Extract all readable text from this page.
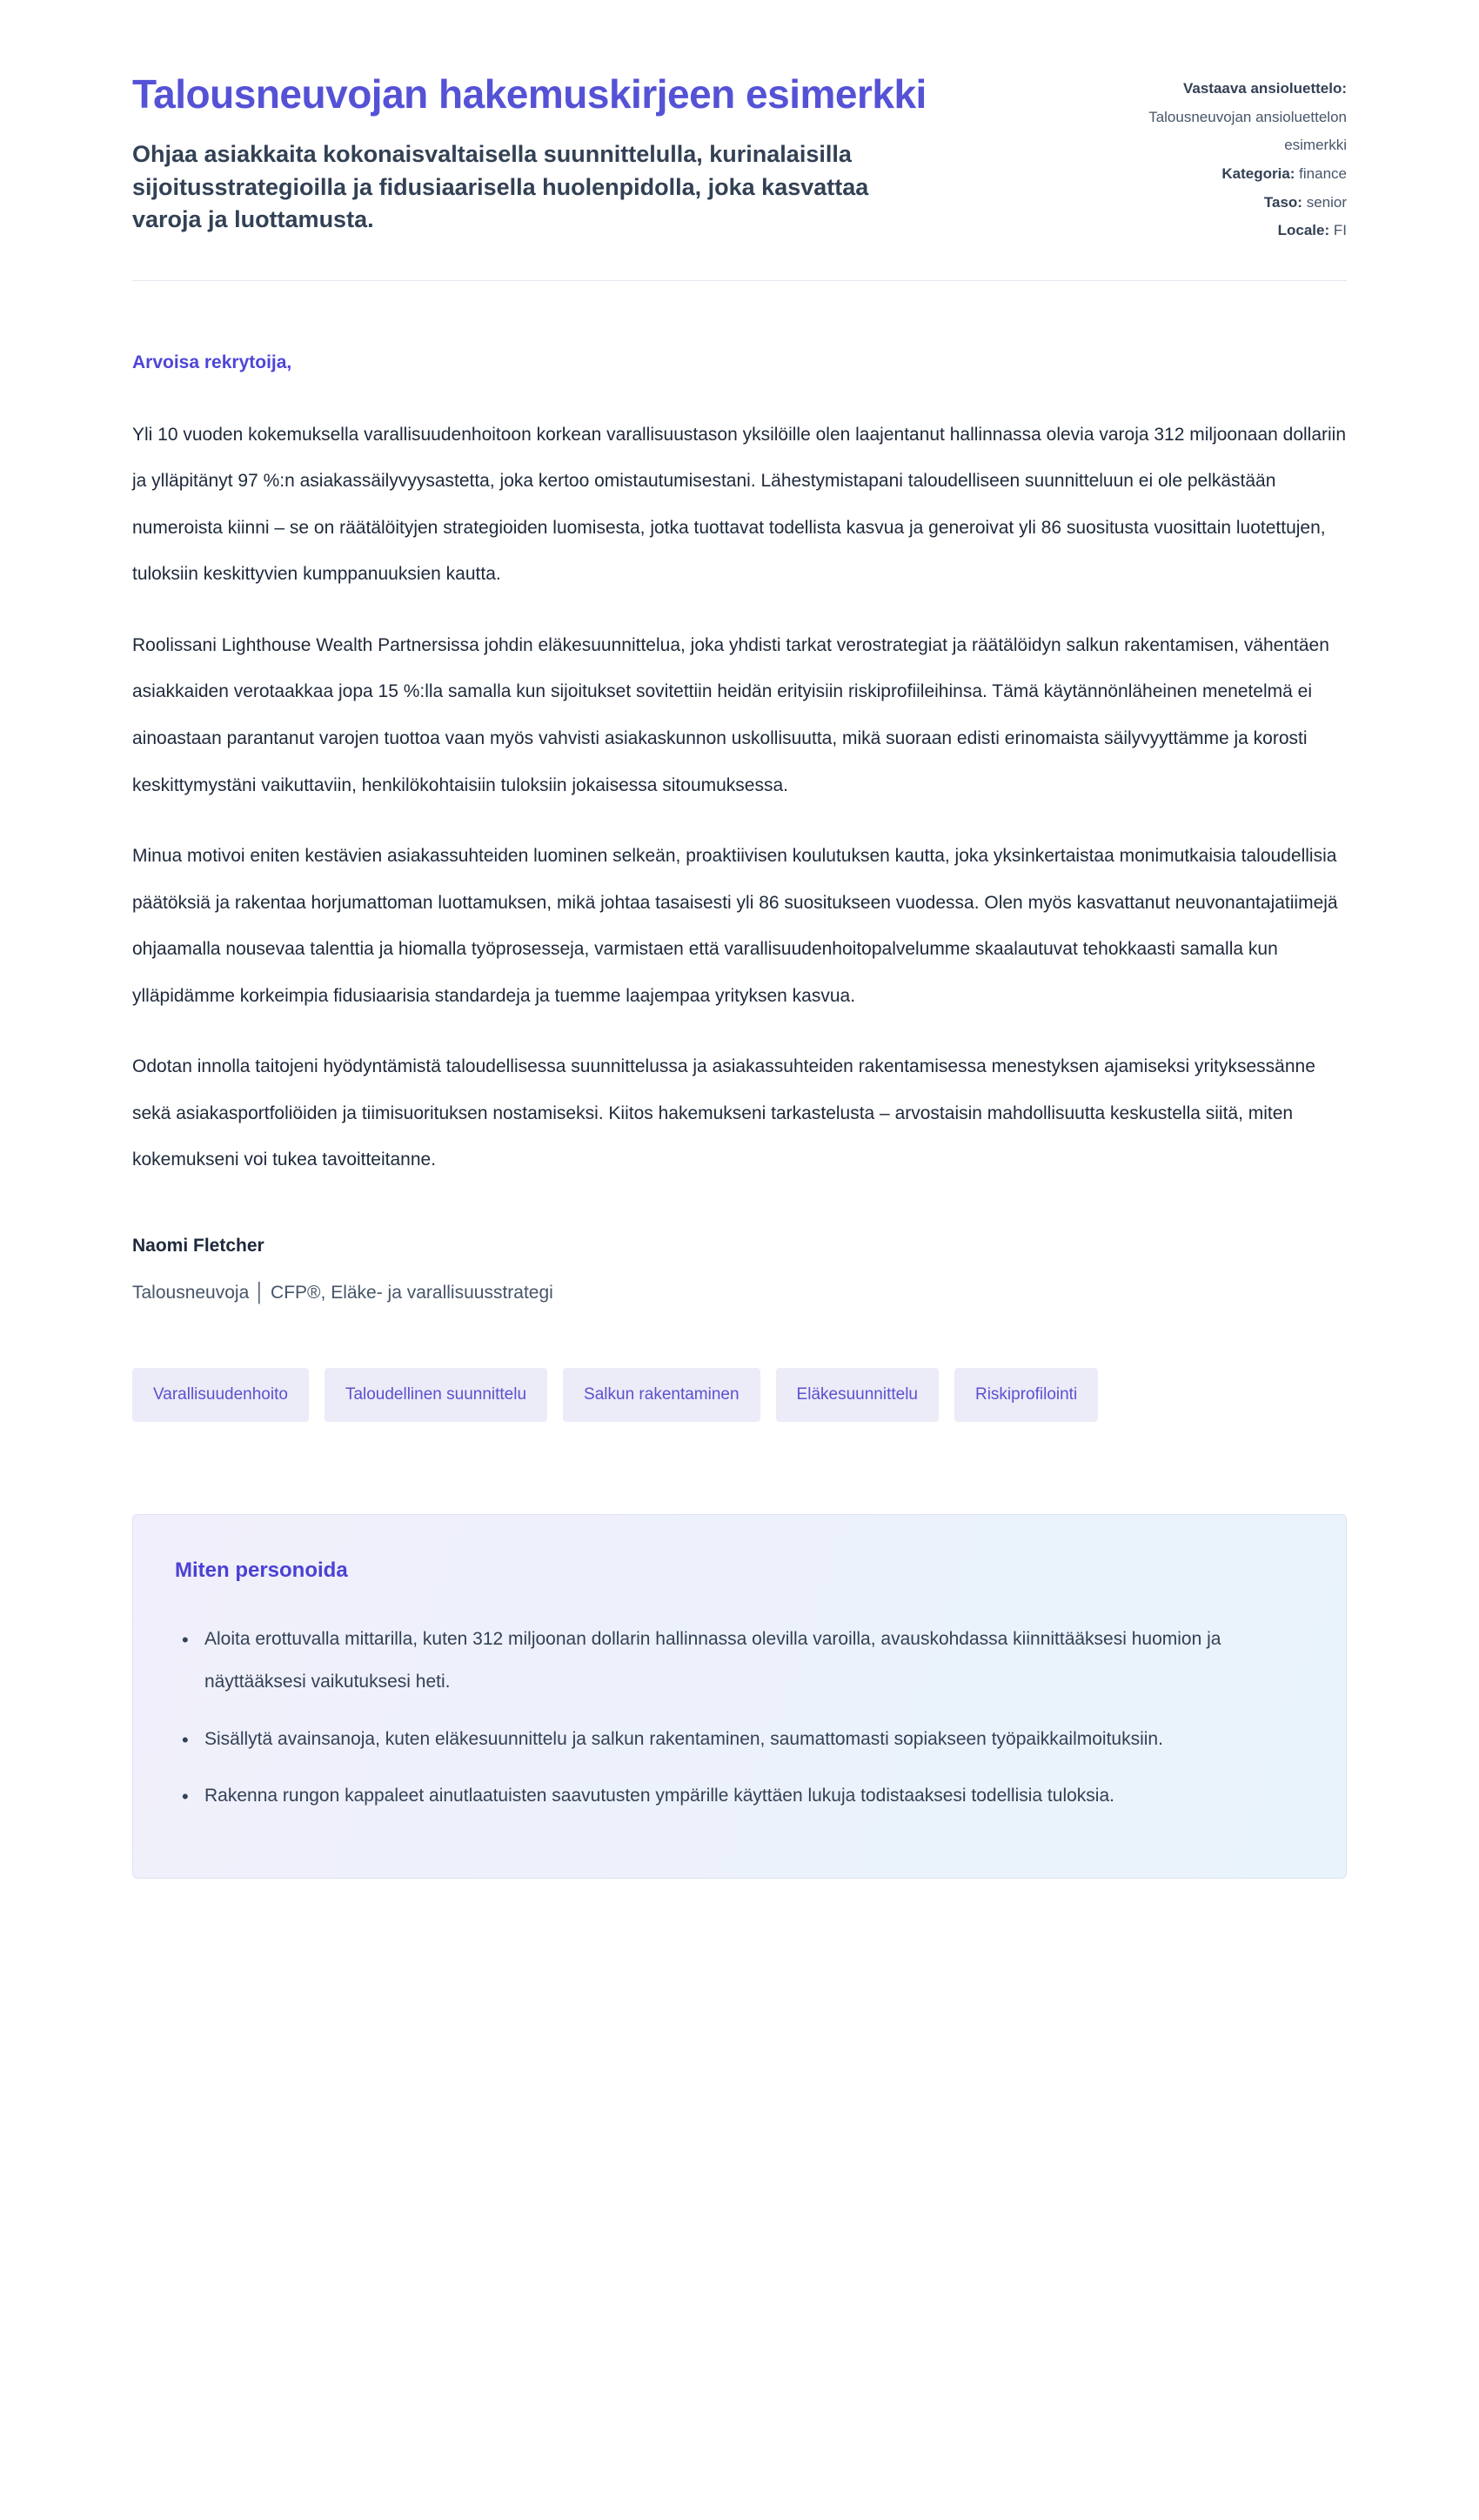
Talousneuvojan hakemuskirjeen esimerkki
Ohjaa asiakkaita kokonaisvaltaisella suunnittelulla, kurinalaisilla sijoitusstrategioilla ja fidusiaarisella huolenpidolla, joka kasvattaa varoja ja luottamusta.
Vastaava ansioluettelo:
Talousneuvojan ansioluettelon esimerkki
Kategoria: finance
Taso: senior
Locale: FI
Arvoisa rekrytoija,

Yli 10 vuoden kokemuksella varallisuudenhoitoon korkean varallisuustason yksilöille olen laajentanut hallinnassa olevia varoja 312 miljoonaan dollariin ja ylläpitänyt 97 %:n asiakassäilyvyysastetta, joka kertoo omistautumisestani. Lähestymistapani taloudelliseen suunnitteluun ei ole pelkästään numeroista kiinni – se on räätälöityjen strategioiden luomisesta, jotka tuottavat todellista kasvua ja generoivat yli 86 suositusta vuosittain luotettujen, tuloksiin keskittyvien kumppanuuksien kautta.

Roolissani Lighthouse Wealth Partnersissa johdin eläkesuunnittelua, joka yhdisti tarkat verostrategiat ja räätälöidyn salkun rakentamisen, vähentäen asiakkaiden verotaakkaa jopa 15 %:lla samalla kun sijoitukset sovitettiin heidän erityisiin riskiprofiileihinsa. Tämä käytännönläheinen menetelmä ei ainoastaan parantanut varojen tuottoa vaan myös vahvisti asiakaskunnon uskollisuutta, mikä suoraan edisti erinomaista säilyvyyttämme ja korosti keskittymystäni vaikuttaviin, henkilökohtaisiin tuloksiin jokaisessa sitoumuksessa.

Minua motivoi eniten kestävien asiakassuhteiden luominen selkeän, proaktiivisen koulutuksen kautta, joka yksinkertaistaa monimutkaisia taloudellisia päätöksiä ja rakentaa horjumattoman luottamuksen, mikä johtaa tasaisesti yli 86 suositukseen vuodessa. Olen myös kasvattanut neuvonantajatiimejä ohjaamalla nousevaa talenttia ja hiomalla työprosesseja, varmistaen että varallisuudenhoitopalvelumme skaalautuvat tehokkaasti samalla kun ylläpidämme korkeimpia fidusiaarisia standardeja ja tuemme laajempaa yrityksen kasvua.

Odotan innolla taitojeni hyödyntämistä taloudellisessa suunnittelussa ja asiakassuhteiden rakentamisessa menestyksen ajamiseksi yrityksessänne sekä asiakasportfoliöiden ja tiimisuorituksen nostamiseksi. Kiitos hakemukseni tarkastelusta – arvostaisin mahdollisuutta keskustella siitä, miten kokemukseni voi tukea tavoitteitanne.

Naomi Fletcher
Talousneuvoja │ CFP®, Eläke- ja varallisuusstrategi
Varallisuudenhoito	Taloudellinen suunnittelu	Salkun rakentaminen	Eläkesuunnittelu	Riskiprofilointi
Miten personoida
• Aloita erottuvalla mittarilla, kuten 312 miljoonan dollarin hallinnassa olevilla varoilla, avauskohdassa kiinnittääksesi huomion ja näyttääksesi vaikutuksesi heti.
• Sisällytä avainsanoja, kuten eläkesuunnittelu ja salkun rakentaminen, saumattomasti sopiakseen työpaikkailmoituksiin.
• Rakenna rungon kappaleet ainutlaatuisten saavutusten ympärille käyttäen lukuja todistaaksesi todellisia tuloksia.
